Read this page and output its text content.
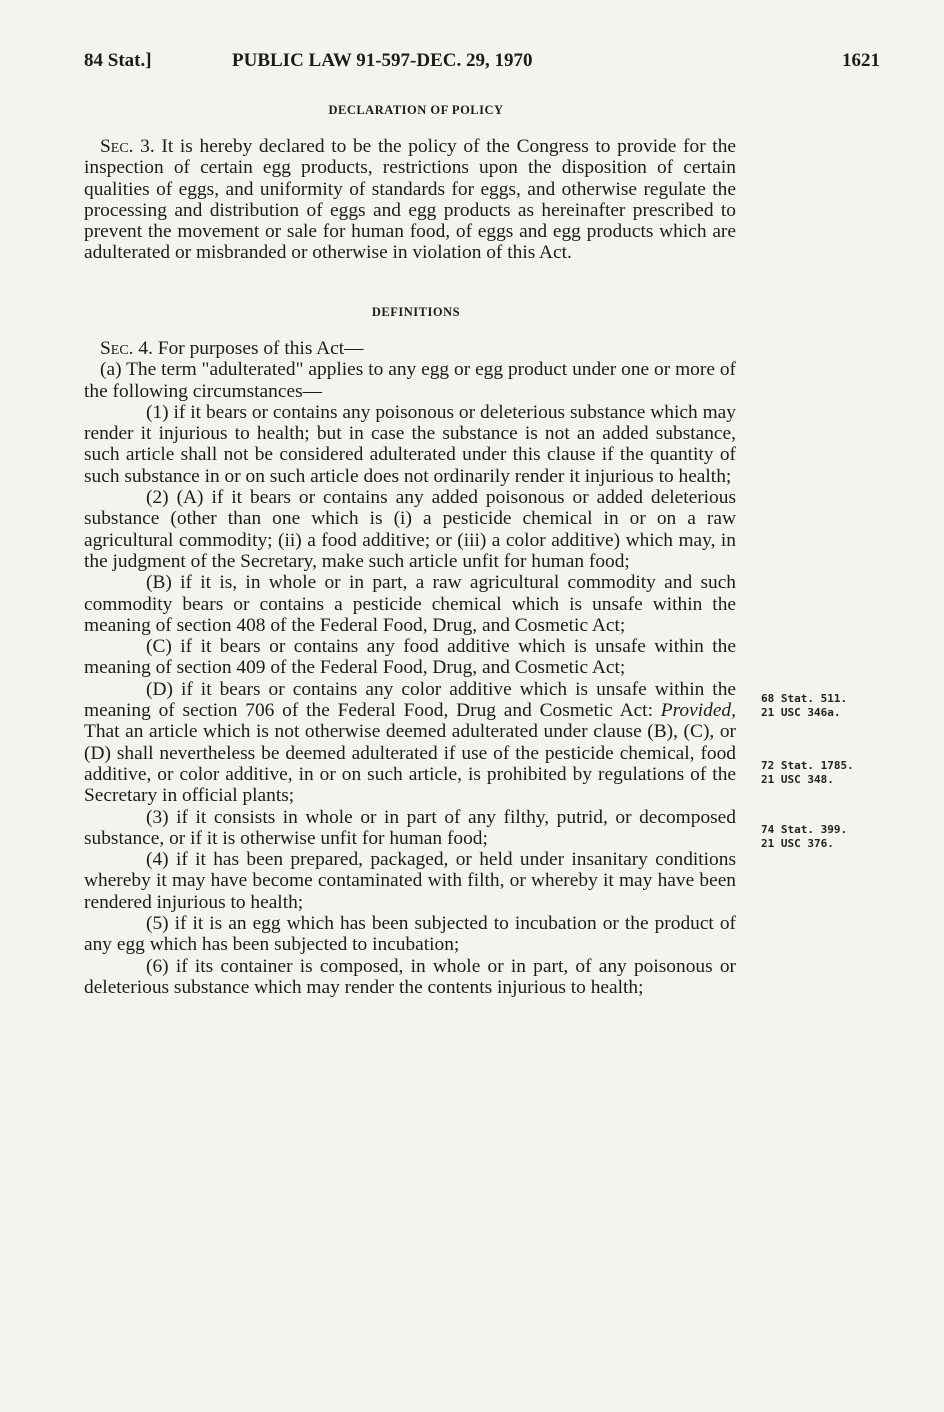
84 Stat.]	PUBLIC LAW 91-597-DEC. 29, 1970	1621
DECLARATION OF POLICY
Sec. 3. It is hereby declared to be the policy of the Congress to provide for the inspection of certain egg products, restrictions upon the disposition of certain qualities of eggs, and uniformity of standards for eggs, and otherwise regulate the processing and distribution of eggs and egg products as hereinafter prescribed to prevent the movement or sale for human food, of eggs and egg products which are adulterated or misbranded or otherwise in violation of this Act.
DEFINITIONS

Sec. 4. For purposes of this Act—

(a) The term "adulterated" applies to any egg or egg product under one or more of the following circumstances—

(1) if it bears or contains any poisonous or deleterious substance which may render it injurious to health; but in case the substance is not an added substance, such article shall not be considered adulterated under this clause if the quantity of such substance in or on such article does not ordinarily render it injurious to health;

(2) (A) if it bears or contains any added poisonous or added deleterious substance (other than one which is (i) a pesticide chemical in or on a raw agricultural commodity; (ii) a food additive; or (iii) a color additive) which may, in the judgment of the Secretary, make such article unfit for human food;

(B) if it is, in whole or in part, a raw agricultural commodity and such commodity bears or contains a pesticide chemical which is unsafe within the meaning of section 408 of the Federal Food, Drug, and Cosmetic Act;

(C) if it bears or contains any food additive which is unsafe within the meaning of section 409 of the Federal Food, Drug, and Cosmetic Act;

(D) if it bears or contains any color additive which is unsafe within the meaning of section 706 of the Federal Food, Drug and Cosmetic Act: Provided, That an article which is not otherwise deemed adulterated under clause (B), (C), or (D) shall nevertheless be deemed adulterated if use of the pesticide chemical, food additive, or color additive, in or on such article, is prohibited by regulations of the Secretary in official plants;

(3) if it consists in whole or in part of any filthy, putrid, or decomposed substance, or if it is otherwise unfit for human food;

(4) if it has been prepared, packaged, or held under insanitary conditions whereby it may have become contaminated with filth, or whereby it may have been rendered injurious to health;

(5) if it is an egg which has been subjected to incubation or the product of any egg which has been subjected to incubation;

(6) if its container is composed, in whole or in part, of any poisonous or deleterious substance which may render the contents injurious to health;

68 Stat. 511.
21 USC 346a.
72 Stat. 1785.
21 USC 348.
74 Stat. 399.
21 USC 376.
